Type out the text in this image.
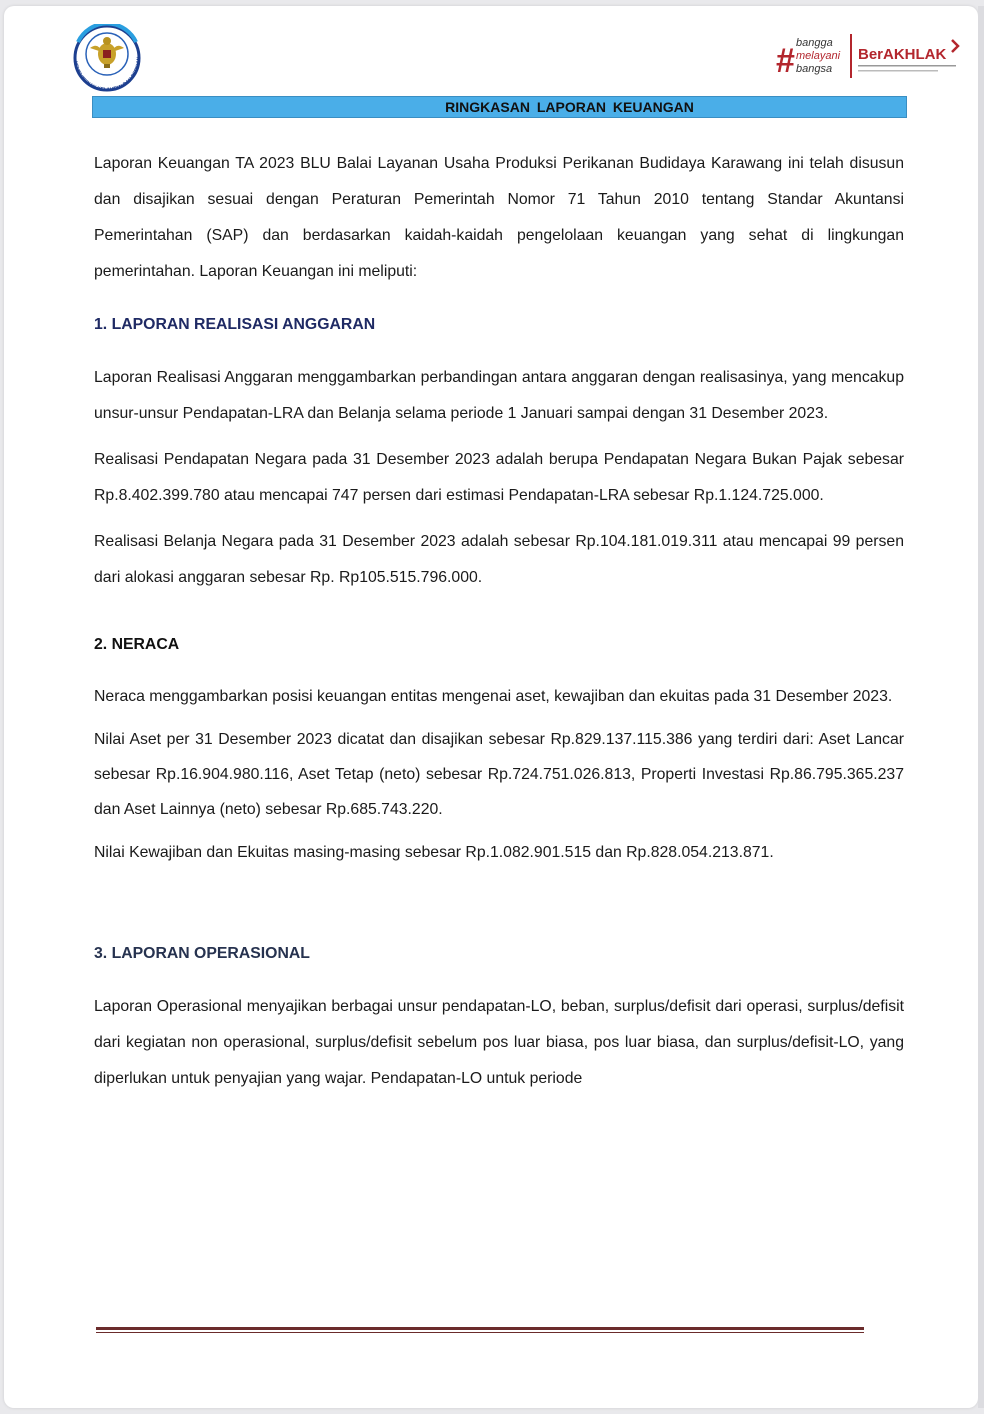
KEMENTERIAN KELAUTAN DAN PERIKAN	# bangga
melayani
bangsa
BerAKHLAK
RINGKASAN LAPORAN KEUANGAN

Laporan Keuangan TA 2023 BLU Balai Layanan Usaha Produksi Perikanan Budidaya Karawang ini telah disusun dan disajikan sesuai dengan Peraturan Pemerintah Nomor 71 Tahun 2010 tentang Standar Akuntansi Pemerintahan (SAP) dan berdasarkan kaidah-kaidah pengelolaan keuangan yang sehat di lingkungan pemerintahan. Laporan Keuangan ini meliputi:

1. LAPORAN REALISASI ANGGARAN

Laporan Realisasi Anggaran menggambarkan perbandingan antara anggaran dengan realisasinya, yang mencakup unsur-unsur Pendapatan-LRA dan Belanja selama periode 1 Januari sampai dengan 31 Desember 2023.

Realisasi Pendapatan Negara pada 31 Desember 2023 adalah berupa Pendapatan Negara Bukan Pajak sebesar Rp.8.402.399.780 atau mencapai 747 persen dari estimasi Pendapatan-LRA sebesar Rp.1.124.725.000.

Realisasi Belanja Negara pada 31 Desember 2023 adalah sebesar Rp.104.181.019.311 atau mencapai 99 persen dari alokasi anggaran sebesar Rp. Rp105.515.796.000.

2. NERACA

Neraca menggambarkan posisi keuangan entitas mengenai aset, kewajiban dan ekuitas pada 31 Desember 2023.

Nilai Aset per 31 Desember 2023 dicatat dan disajikan sebesar Rp.829.137.115.386 yang terdiri dari: Aset Lancar sebesar Rp.16.904.980.116, Aset Tetap (neto) sebesar Rp.724.751.026.813, Properti Investasi Rp.86.795.365.237 dan Aset Lainnya (neto) sebesar Rp.685.743.220.

Nilai Kewajiban dan Ekuitas masing-masing sebesar Rp.1.082.901.515 dan Rp.828.054.213.871.

3. LAPORAN OPERASIONAL

Laporan Operasional menyajikan berbagai unsur pendapatan-LO, beban, surplus/defisit dari operasi, surplus/defisit dari kegiatan non operasional, surplus/defisit sebelum pos luar biasa, pos luar biasa, dan surplus/defisit-LO, yang diperlukan untuk penyajian yang wajar. Pendapatan-LO untuk periode
